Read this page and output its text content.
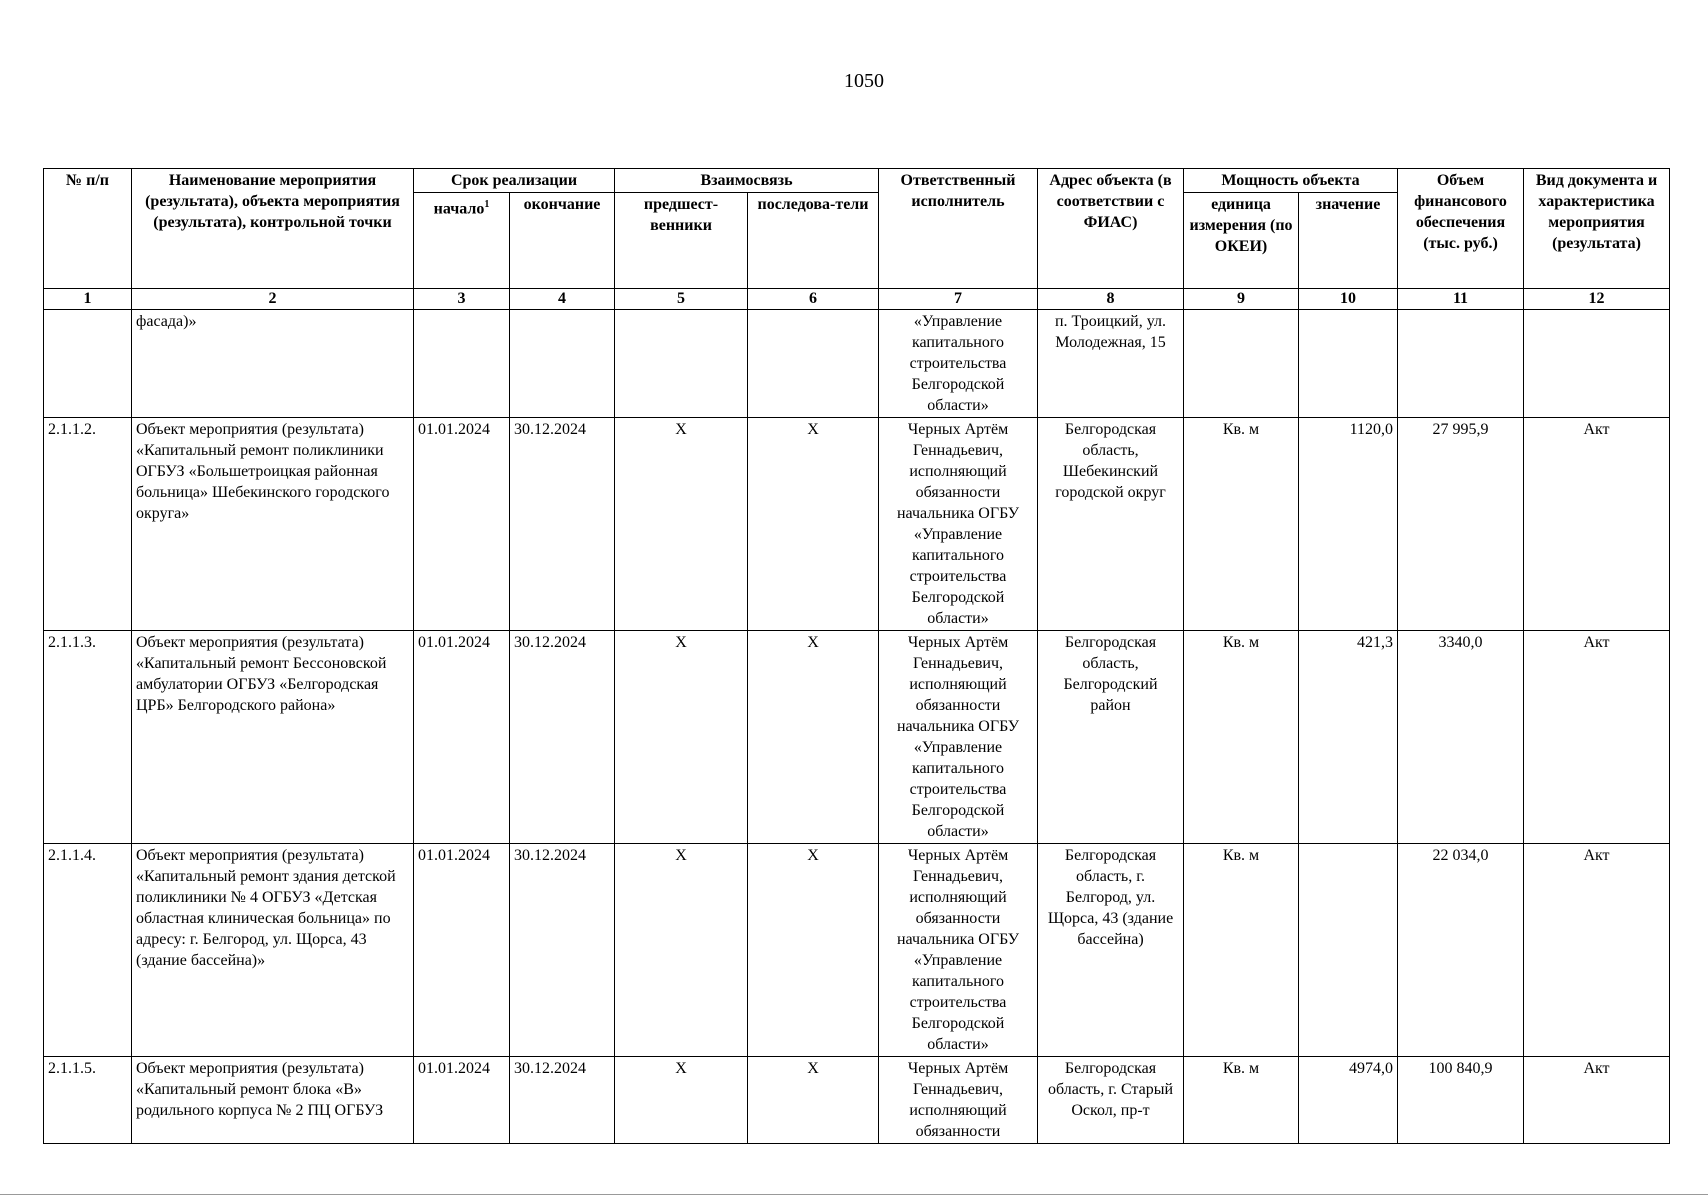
1050
№ п/п	Наименование мероприятия (результата), объекта мероприятия (результата), контрольной точки	Срок реализации		Взаимосвязь		Ответственный исполнитель	Адрес объекта (в соответствии с ФИАС)	Мощность объекта		Объем финансового обеспечения (тыс. руб.)	Вид документа и характеристика мероприятия (результата)
		начало$^1$	окончание	предшест-венники	последова-тели			единица измерения (по ОКЕИ)	значение		
1	2	3	4	5	6	7	8	9	10	11	12
	фасада)»					«Управление капитального строительства Белгородской области»	п. Троицкий, ул. Молодежная, 15				
2.1.1.2.	Объект мероприятия (результата) «Капитальный ремонт поликлиники ОГБУЗ «Большетроицкая районная больница» Шебекинского городского округа»	01.01.2024	30.12.2024	X	X	Черных Артём Геннадьевич, исполняющий обязанности начальника ОГБУ «Управление капитального строительства Белгородской области»	Белгородская область, Шебекинский городской округ	Кв. м	1120,0	27 995,9	Акт
2.1.1.3.	Объект мероприятия (результата) «Капитальный ремонт Бессоновской амбулатории ОГБУЗ «Белгородская ЦРБ» Белгородского района»	01.01.2024	30.12.2024	X	X	Черных Артём Геннадьевич, исполняющий обязанности начальника ОГБУ «Управление капитального строительства Белгородской области»	Белгородская область, Белгородский район	Кв. м	421,3	3340,0	Акт
2.1.1.4.	Объект мероприятия (результата) «Капитальный ремонт здания детской поликлиники № 4 ОГБУЗ «Детская областная клиническая больница» по адресу: г. Белгород, ул. Щорса, 43 (здание бассейна)»	01.01.2024	30.12.2024	X	X	Черных Артём Геннадьевич, исполняющий обязанности начальника ОГБУ «Управление капитального строительства Белгородской области»	Белгородская область, г. Белгород, ул. Щорса, 43 (здание бассейна)	Кв. м		22 034,0	Акт
2.1.1.5.	Объект мероприятия (результата) «Капитальный ремонт блока «В» родильного корпуса № 2 ПЦ ОГБУЗ	01.01.2024	30.12.2024	X	X	Черных Артём Геннадьевич, исполняющий обязанности	Белгородская область, г. Старый Оскол, пр-т	Кв. м	4974,0	100 840,9	Акт
